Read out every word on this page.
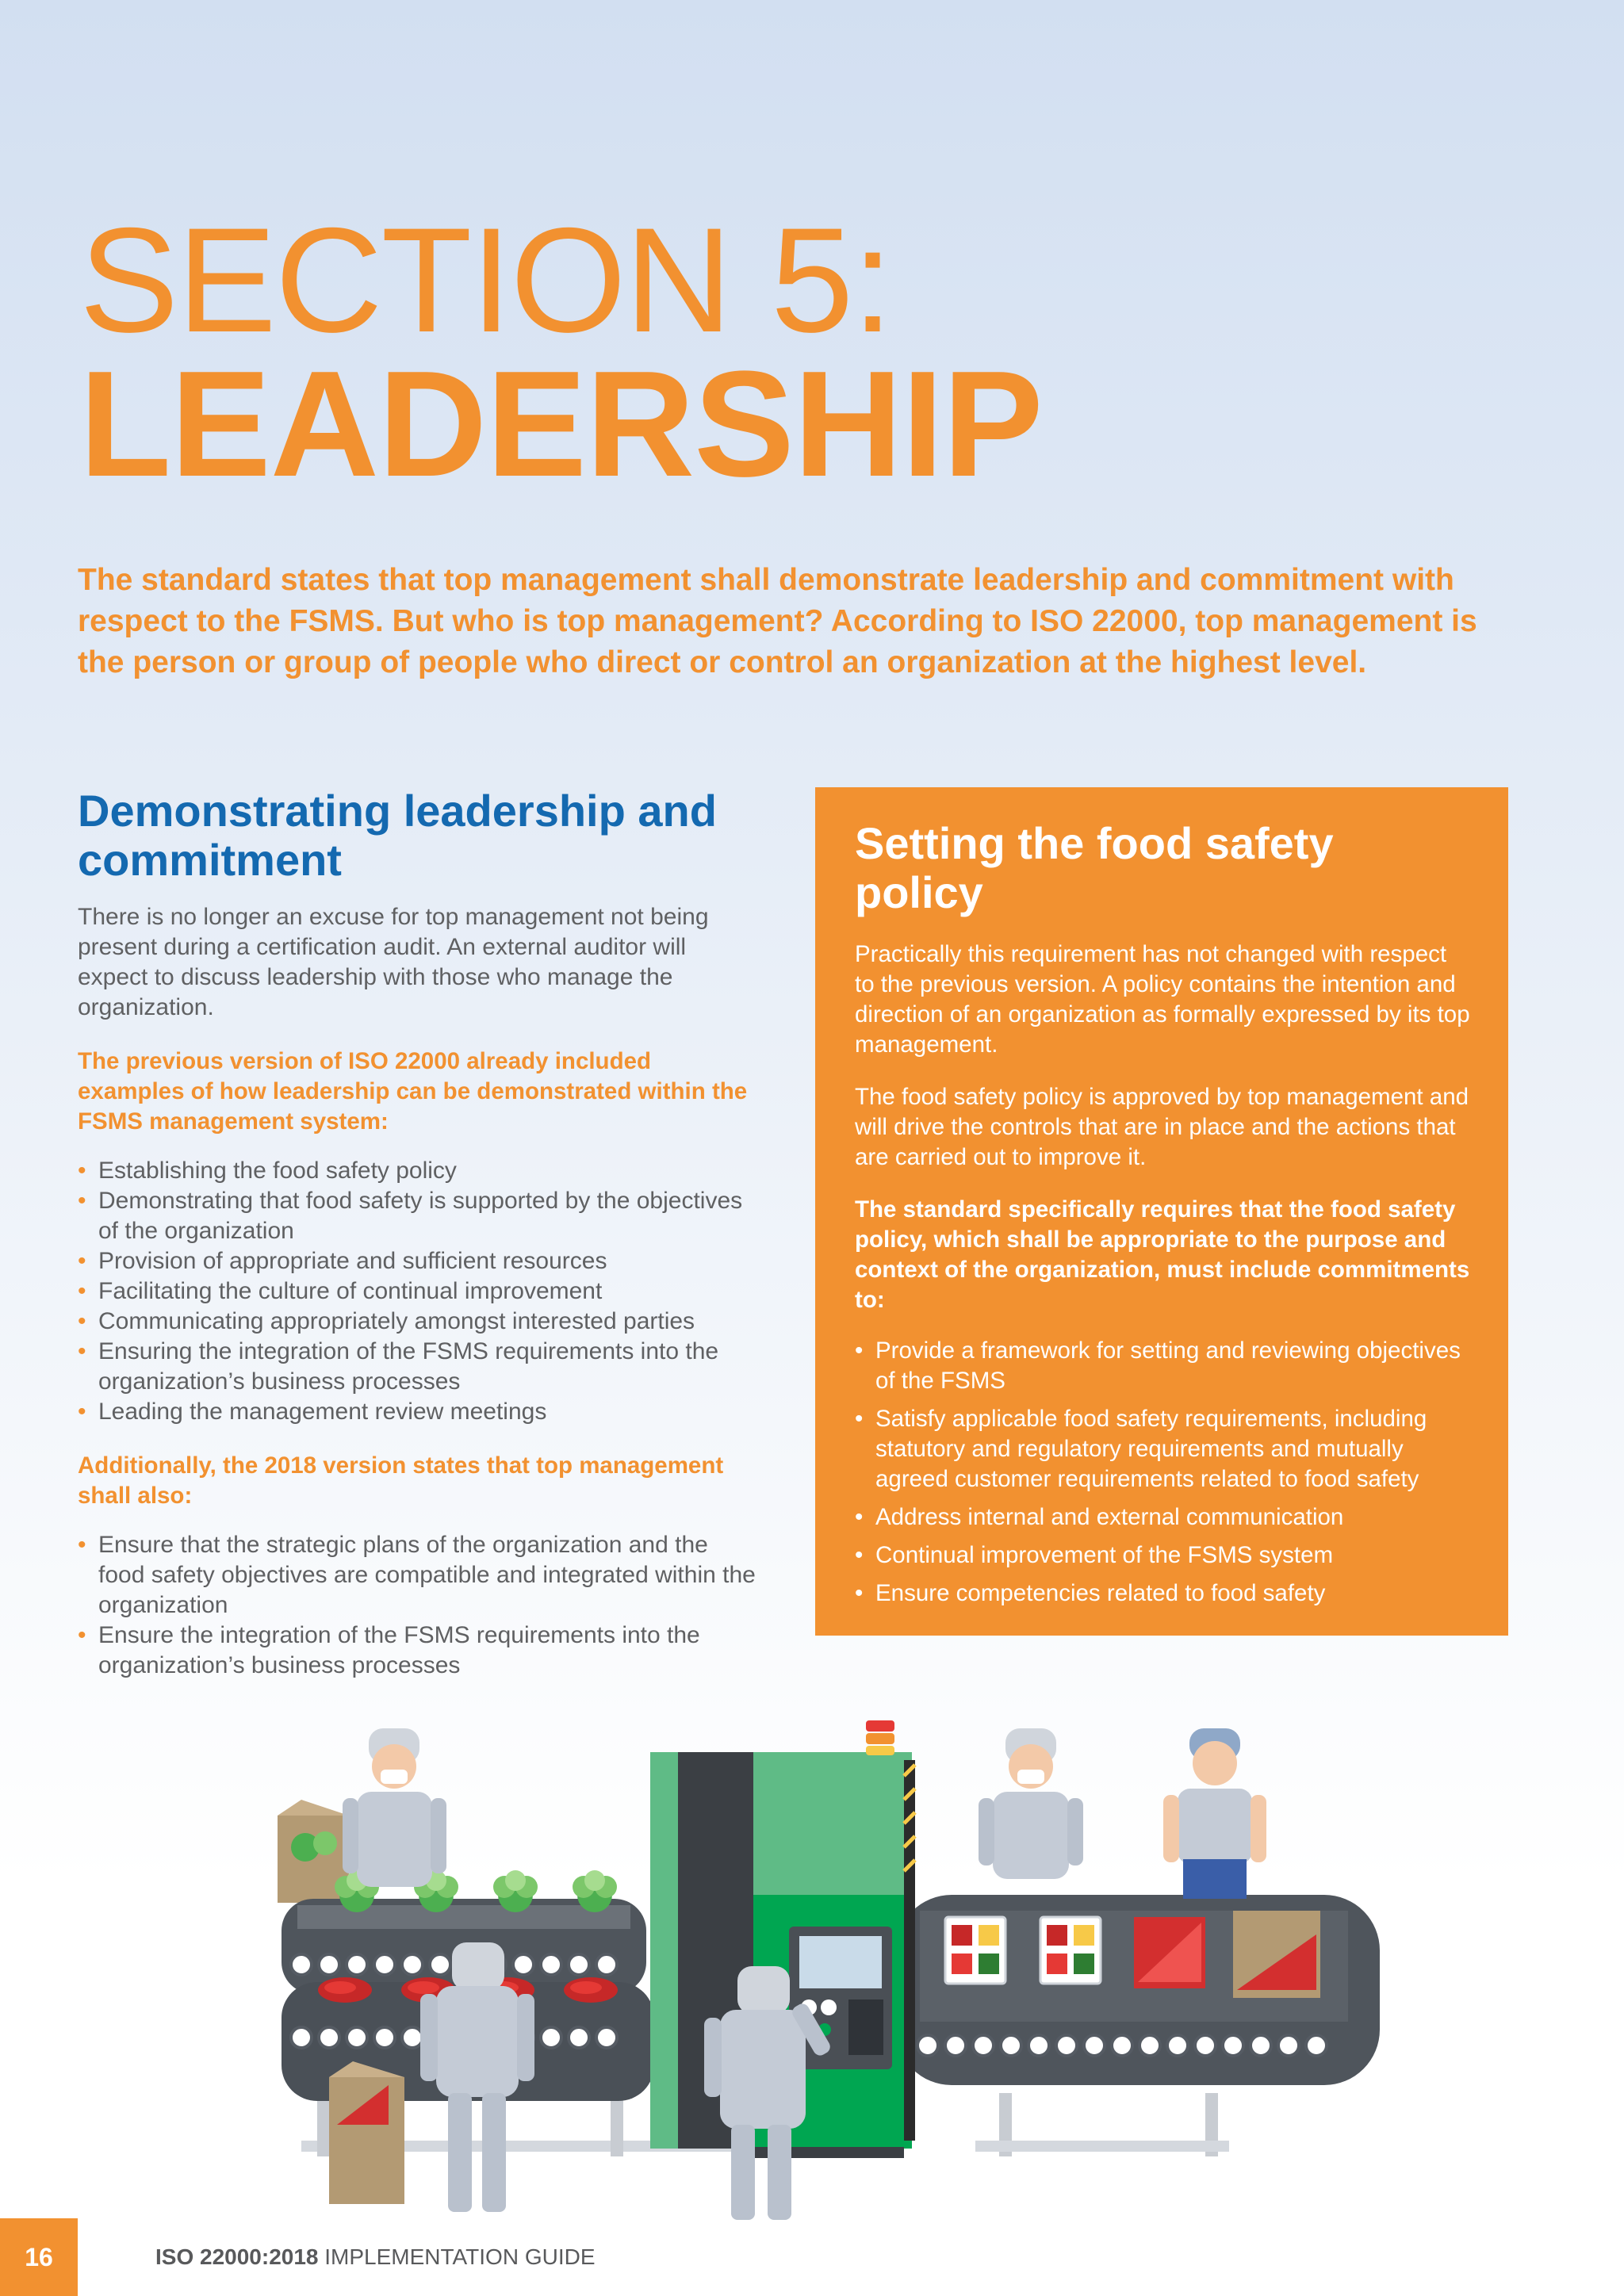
SECTION 5:
LEADERSHIP

The standard states that top management shall demonstrate leadership and commitment with respect to the FSMS. But who is top management? According to ISO 22000, top management is the person or group of people who direct or control an organization at the highest level.

Demonstrating leadership and commitment

There is no longer an excuse for top management not being present during a certification audit. An external auditor will expect to discuss leadership with those who manage the organization.

The previous version of ISO 22000 already included examples of how leadership can be demonstrated within the FSMS management system:

• Establishing the food safety policy
• Demonstrating that food safety is supported by the objectives of the organization
• Provision of appropriate and sufficient resources
• Facilitating the culture of continual improvement
• Communicating appropriately amongst interested parties
• Ensuring the integration of the FSMS requirements into the organization’s business processes
• Leading the management review meetings

Additionally, the 2018 version states that top management shall also:

• Ensure that the strategic plans of the organization and the food safety objectives are compatible and integrated within the organization
• Ensure the integration of the FSMS requirements into the organization’s business processes
Setting the food safety policy

Practically this requirement has not changed with respect to the previous version. A policy contains the intention and direction of an organization as formally expressed by its top management.

The food safety policy is approved by top management and will drive the controls that are in place and the actions that are carried out to improve it.

The standard specifically requires that the food safety policy, which shall be appropriate to the purpose and context of the organization, must include commitments to:

• Provide a framework for setting and reviewing objectives of the FSMS
• Satisfy applicable food safety requirements, including statutory and regulatory requirements and mutually agreed customer requirements related to food safety
• Address internal and external communication
• Continual improvement of the FSMS system
• Ensure competencies related to food safety
16	ISO 22000:2018 IMPLEMENTATION GUIDE
